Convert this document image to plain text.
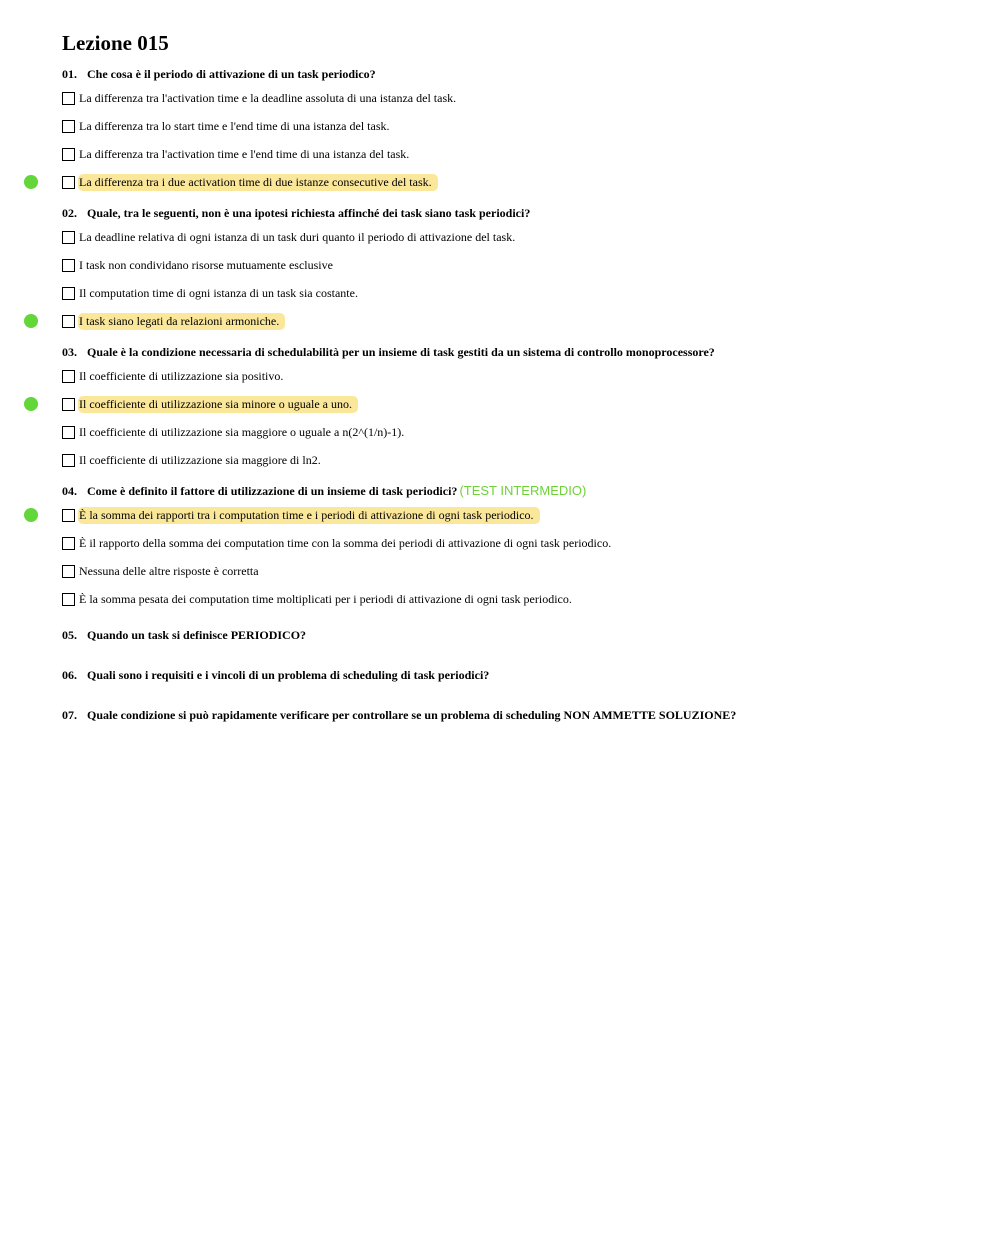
Lezione 015
01. Che cosa è il periodo di attivazione di un task periodico?
La differenza tra l'activation time e la deadline assoluta di una istanza del task.
La differenza tra lo start time e l'end time di una istanza del task.
La differenza tra l'activation time e l'end time di una istanza del task.
La differenza tra i due activation time di due istanze consecutive del task.
02. Quale, tra le seguenti, non è una ipotesi richiesta affinché dei task siano task periodici?
La deadline relativa di ogni istanza di un task duri quanto il periodo di attivazione del task.
I task non condividano risorse mutuamente esclusive
Il computation time di ogni istanza di un task sia costante.
I task siano legati da relazioni armoniche.
03. Quale è la condizione necessaria di schedulabilità per un insieme di task gestiti da un sistema di controllo monoprocessore?
Il coefficiente di utilizzazione sia positivo.
Il coefficiente di utilizzazione sia minore o uguale a uno.
Il coefficiente di utilizzazione sia maggiore o uguale a n(2^(1/n)-1).
Il coefficiente di utilizzazione sia maggiore di ln2.
04. Come è definito il fattore di utilizzazione di un insieme di task periodici? (TEST INTERMEDIO)
È la somma dei rapporti tra i computation time e i periodi di attivazione di ogni task periodico.
È il rapporto della somma dei computation time con la somma dei periodi di attivazione di ogni task periodico.
Nessuna delle altre risposte è corretta
È la somma pesata dei computation time moltiplicati per i periodi di attivazione di ogni task periodico.
05. Quando un task si definisce PERIODICO?
06. Quali sono i requisiti e i vincoli di un problema di scheduling di task periodici?
07. Quale condizione si può rapidamente verificare per controllare se un problema di scheduling NON AMMETTE SOLUZIONE?
